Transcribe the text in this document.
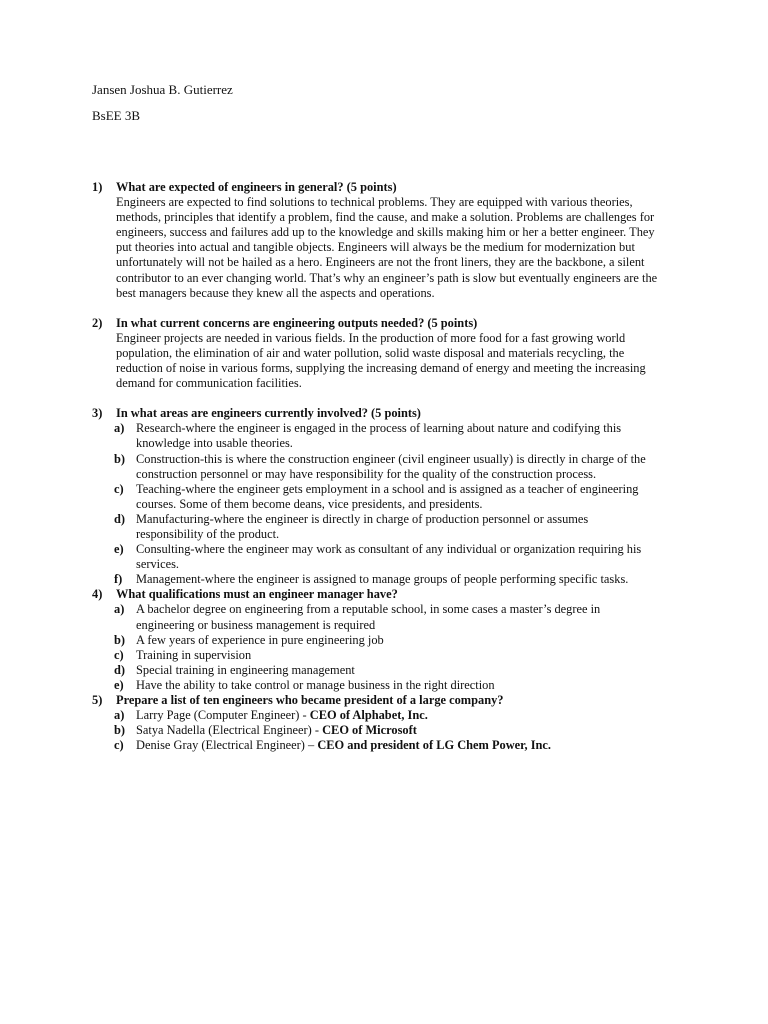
Jansen Joshua B. Gutierrez
BsEE 3B
1) What are expected of engineers in general? (5 points)
Engineers are expected to find solutions to technical problems. They are equipped with various theories, methods, principles that identify a problem, find the cause, and make a solution. Problems are challenges for engineers, success and failures add up to the knowledge and skills making him or her a better engineer. They put theories into actual and tangible objects. Engineers will always be the medium for modernization but unfortunately will not be hailed as a hero. Engineers are not the front liners, they are the backbone, a silent contributor to an ever changing world. That’s why an engineer’s path is slow but eventually engineers are the best managers because they knew all the aspects and operations.
2) In what current concerns are engineering outputs needed? (5 points)
Engineer projects are needed in various fields. In the production of more food for a fast growing world population, the elimination of air and water pollution, solid waste disposal and materials recycling, the reduction of noise in various forms, supplying the increasing demand of energy and meeting the increasing demand for communication facilities.
3) In what areas are engineers currently involved? (5 points)
a) Research-where the engineer is engaged in the process of learning about nature and codifying this knowledge into usable theories.
b) Construction-this is where the construction engineer (civil engineer usually) is directly in charge of the construction personnel or may have responsibility for the quality of the construction process.
c) Teaching-where the engineer gets employment in a school and is assigned as a teacher of engineering courses. Some of them become deans, vice presidents, and presidents.
d) Manufacturing-where the engineer is directly in charge of production personnel or assumes responsibility of the product.
e) Consulting-where the engineer may work as consultant of any individual or organization requiring his services.
f) Management-where the engineer is assigned to manage groups of people performing specific tasks.
4) What qualifications must an engineer manager have?
a) A bachelor degree on engineering from a reputable school, in some cases a master’s degree in engineering or business management is required
b) A few years of experience in pure engineering job
c) Training in supervision
d) Special training in engineering management
e) Have the ability to take control or manage business in the right direction
5) Prepare a list of ten engineers who became president of a large company?
a) Larry Page (Computer Engineer) - CEO of Alphabet, Inc.
b) Satya Nadella (Electrical Engineer) - CEO of Microsoft
c) Denise Gray (Electrical Engineer) – CEO and president of LG Chem Power, Inc.
